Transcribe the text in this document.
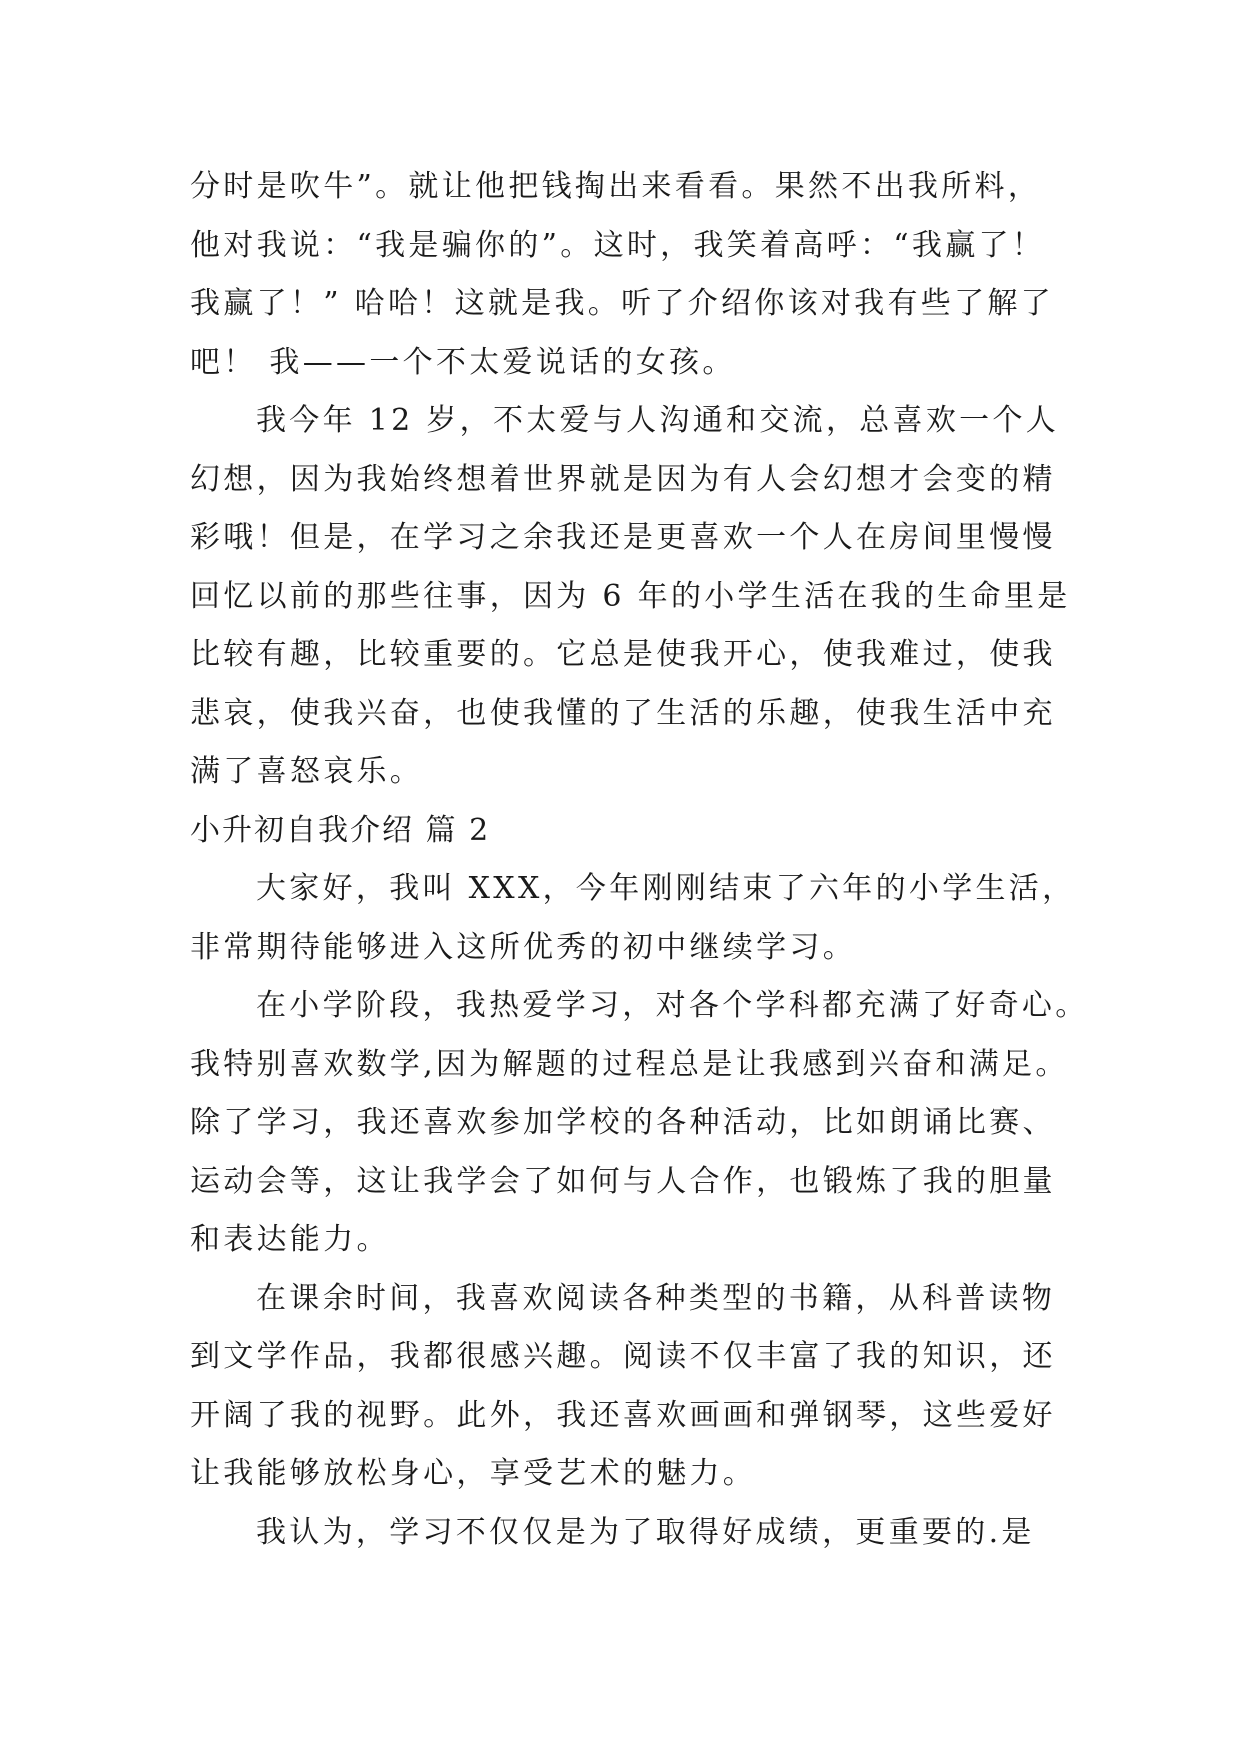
分时是吹牛”。就让他把钱掏出来看看。果然不出我所料，
他对我说：“我是骗你的”。这时，我笑着高呼：“我赢了！
我赢了！” 哈哈！这就是我。听了介绍你该对我有些了解了
吧！ 我——一个不太爱说话的女孩。
我今年 12 岁，不太爱与人沟通和交流，总喜欢一个人
幻想，因为我始终想着世界就是因为有人会幻想才会变的精
彩哦！但是，在学习之余我还是更喜欢一个人在房间里慢慢
回忆以前的那些往事，因为 6 年的小学生活在我的生命里是
比较有趣，比较重要的。它总是使我开心，使我难过，使我
悲哀，使我兴奋，也使我懂的了生活的乐趣，使我生活中充
满了喜怒哀乐。
小升初自我介绍 篇 2
大家好，我叫 XXX，今年刚刚结束了六年的小学生活，
非常期待能够进入这所优秀的初中继续学习。
在小学阶段，我热爱学习，对各个学科都充满了好奇心。
我特别喜欢数学,因为解题的过程总是让我感到兴奋和满足。
除了学习，我还喜欢参加学校的各种活动，比如朗诵比赛、
运动会等，这让我学会了如何与人合作，也锻炼了我的胆量
和表达能力。
在课余时间，我喜欢阅读各种类型的书籍，从科普读物
到文学作品，我都很感兴趣。阅读不仅丰富了我的知识，还
开阔了我的视野。此外，我还喜欢画画和弹钢琴，这些爱好
让我能够放松身心，享受艺术的魅力。
我认为，学习不仅仅是为了取得好成绩，更重要的.是
